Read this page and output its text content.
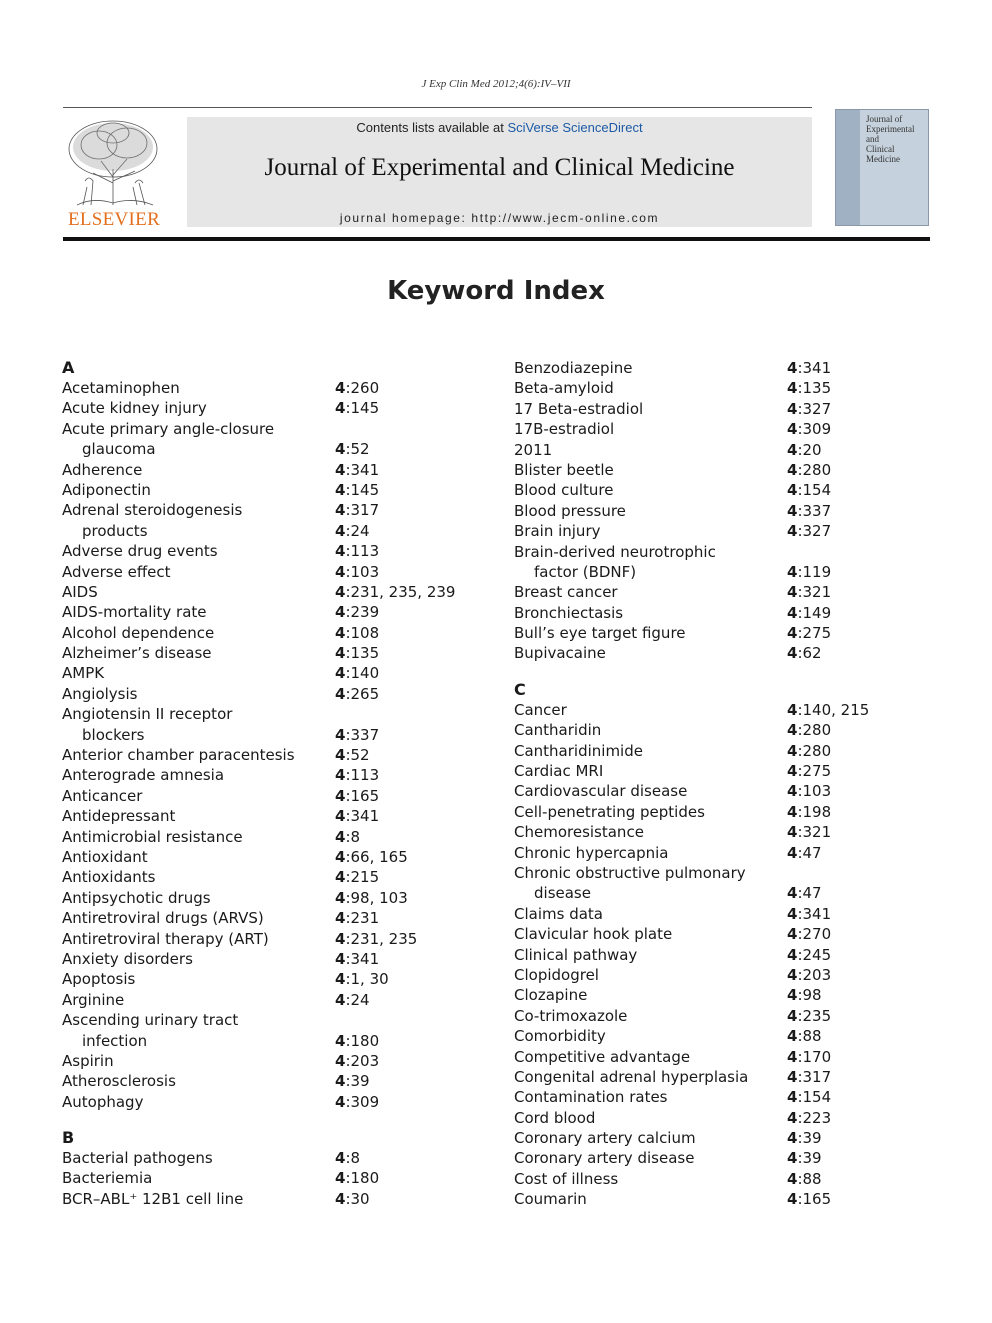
J Exp Clin Med 2012;4(6):IV–VII
ELSEVIER
Contents lists available at SciVerse ScienceDirect
Journal of Experimental and Clinical Medicine
journal homepage: http://www.jecm-online.com
Journal of
Experimental
and
Clinical
Medicine
Keyword Index
A
Acetaminophen	4:260
Acute kidney injury	4:145
Acute primary angle-closure
glaucoma	4:52
Adherence	4:341
Adiponectin	4:145
Adrenal steroidogenesis	4:317
products	4:24
Adverse drug events	4:113
Adverse effect	4:103
AIDS	4:231, 235, 239
AIDS-mortality rate	4:239
Alcohol dependence	4:108
Alzheimer’s disease	4:135
AMPK	4:140
Angiolysis	4:265
Angiotensin II receptor
blockers	4:337
Anterior chamber paracentesis	4:52
Anterograde amnesia	4:113
Anticancer	4:165
Antidepressant	4:341
Antimicrobial resistance	4:8
Antioxidant	4:66, 165
Antioxidants	4:215
Antipsychotic drugs	4:98, 103
Antiretroviral drugs (ARVS)	4:231
Antiretroviral therapy (ART)	4:231, 235
Anxiety disorders	4:341
Apoptosis	4:1, 30
Arginine	4:24
Ascending urinary tract
infection	4:180
Aspirin	4:203
Atherosclerosis	4:39
Autophagy	4:309
B
Bacterial pathogens	4:8
Bacteriemia	4:180
BCR–ABL⁺ 12B1 cell line	4:30
Benzodiazepine	4:341
Beta-amyloid	4:135
17 Beta-estradiol	4:327
17Β-estradiol	4:309
2011	4:20
Blister beetle	4:280
Blood culture	4:154
Blood pressure	4:337
Brain injury	4:327
Brain-derived neurotrophic
factor (BDNF)	4:119
Breast cancer	4:321
Bronchiectasis	4:149
Bull’s eye target figure	4:275
Bupivacaine	4:62
C
Cancer	4:140, 215
Cantharidin	4:280
Cantharidinimide	4:280
Cardiac MRI	4:275
Cardiovascular disease	4:103
Cell-penetrating peptides	4:198
Chemoresistance	4:321
Chronic hypercapnia	4:47
Chronic obstructive pulmonary
disease	4:47
Claims data	4:341
Clavicular hook plate	4:270
Clinical pathway	4:245
Clopidogrel	4:203
Clozapine	4:98
Co-trimoxazole	4:235
Comorbidity	4:88
Competitive advantage	4:170
Congenital adrenal hyperplasia	4:317
Contamination rates	4:154
Cord blood	4:223
Coronary artery calcium	4:39
Coronary artery disease	4:39
Cost of illness	4:88
Coumarin	4:165
